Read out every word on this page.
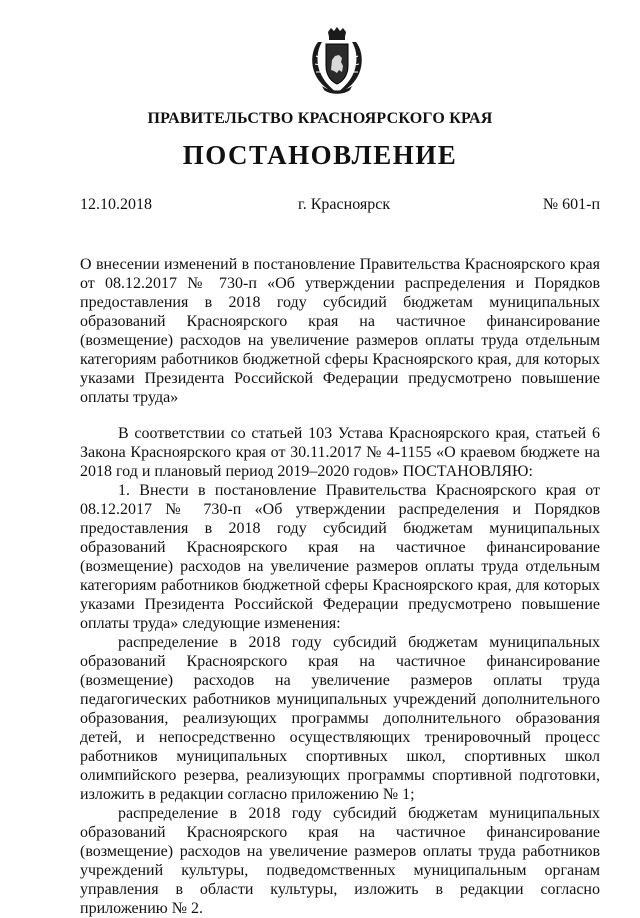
ПРАВИТЕЛЬСТВО КРАСНОЯРСКОГО КРАЯ
ПОСТАНОВЛЕНИЕ
12.10.2018	г. Красноярск	№ 601-п

О внесении изменений в постановление Правительства Красноярского края от 08.12.2017 № 730-п «Об утверждении распределения и Порядков предоставления в 2018 году субсидий бюджетам муниципальных образований Красноярского края на частичное финансирование (возмещение) расходов на увеличение размеров оплаты труда отдельным категориям работников бюджетной сферы Красноярского края, для которых указами Президента Российской Федерации предусмотрено повышение оплаты труда»

В соответствии со статьей 103 Устава Красноярского края, статьей 6 Закона Красноярского края от 30.11.2017 № 4-1155 «О краевом бюджете на 2018 год и плановый период 2019–2020 годов» ПОСТАНОВЛЯЮ:

1. Внести в постановление Правительства Красноярского края от 08.12.2017 № 730-п «Об утверждении распределения и Порядков предоставления в 2018 году субсидий бюджетам муниципальных образований Красноярского края на частичное финансирование (возмещение) расходов на увеличение размеров оплаты труда отдельным категориям работников бюджетной сферы Красноярского края, для которых указами Президента Российской Федерации предусмотрено повышение оплаты труда» следующие изменения:

распределение в 2018 году субсидий бюджетам муниципальных образований Красноярского края на частичное финансирование (возмещение) расходов на увеличение размеров оплаты труда педагогических работников муниципальных учреждений дополнительного образования, реализующих программы дополнительного образования детей, и непосредственно осуществляющих тренировочный процесс работников муниципальных спортивных школ, спортивных школ олимпийского резерва, реализующих программы спортивной подготовки, изложить в редакции согласно приложению № 1;

распределение в 2018 году субсидий бюджетам муниципальных образований Красноярского края на частичное финансирование (возмещение) расходов на увеличение размеров оплаты труда работников учреждений культуры, подведомственных муниципальным органам управления в области культуры, изложить в редакции согласно приложению № 2.
